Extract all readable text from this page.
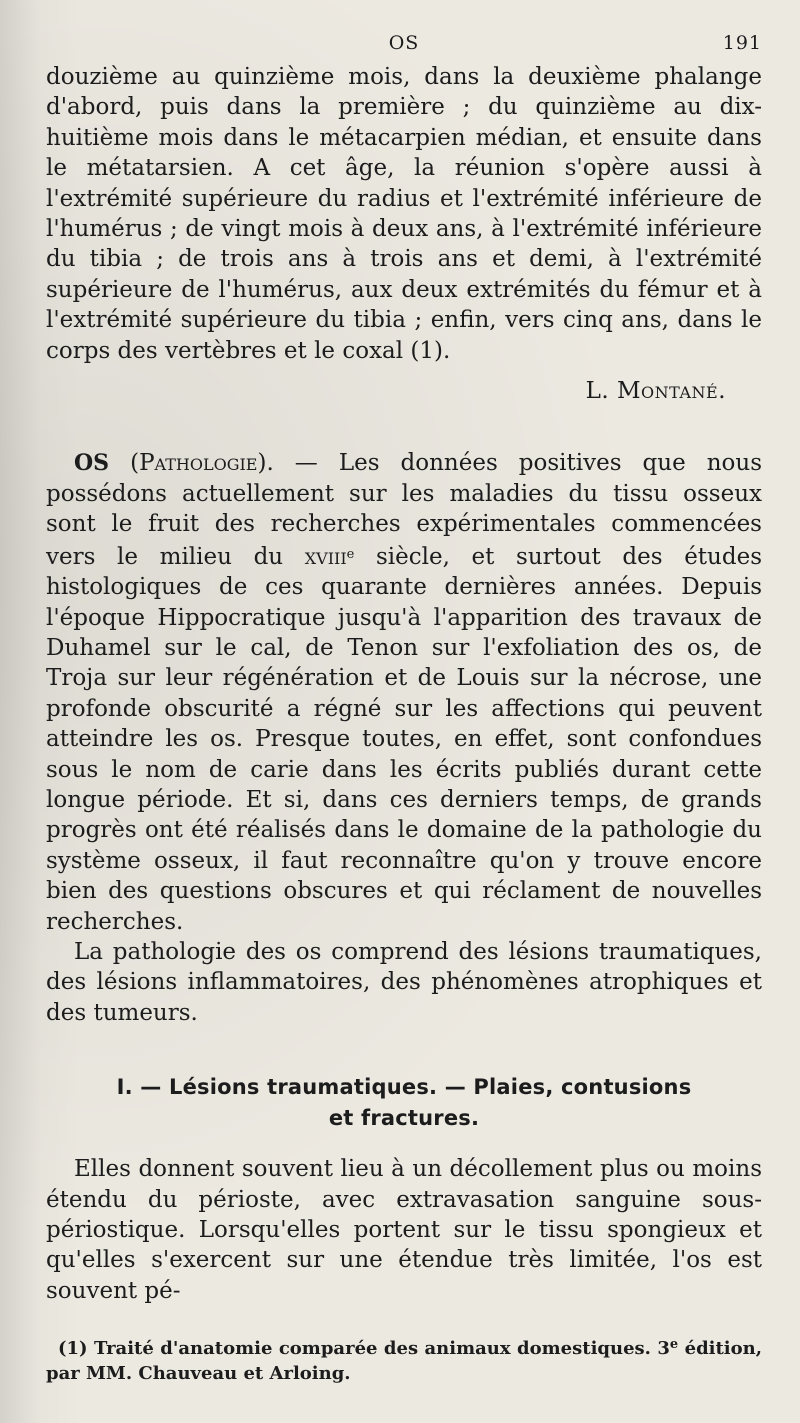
OS	191

douzième au quinzième mois, dans la deuxième phalange d'abord, puis dans la première ; du quinzième au dix-huitième mois dans le métacarpien médian, et ensuite dans le métatarsien. A cet âge, la réunion s'opère aussi à l'extrémité supérieure du radius et l'extrémité inférieure de l'humérus ; de vingt mois à deux ans, à l'extrémité inférieure du tibia ; de trois ans à trois ans et demi, à l'extrémité supérieure de l'humérus, aux deux extrémités du fémur et à l'extrémité supérieure du tibia ; enfin, vers cinq ans, dans le corps des vertèbres et le coxal (1).

L. Montané.

OS (Pathologie). — Les données positives que nous possédons actuellement sur les maladies du tissu osseux sont le fruit des recherches expérimentales commencées vers le milieu du xviii$^e$ siècle, et surtout des études histologiques de ces quarante dernières années. Depuis l'époque Hippocratique jusqu'à l'apparition des travaux de Duhamel sur le cal, de Tenon sur l'exfoliation des os, de Troja sur leur régénération et de Louis sur la nécrose, une profonde obscurité a régné sur les affections qui peuvent atteindre les os. Presque toutes, en effet, sont confondues sous le nom de carie dans les écrits publiés durant cette longue période. Et si, dans ces derniers temps, de grands progrès ont été réalisés dans le domaine de la pathologie du système osseux, il faut reconnaître qu'on y trouve encore bien des questions obscures et qui réclament de nouvelles recherches.

La pathologie des os comprend des lésions traumatiques, des lésions inflammatoires, des phénomènes atrophiques et des tumeurs.

I. — Lésions traumatiques. — Plaies, contusions
et fractures.

Elles donnent souvent lieu à un décollement plus ou moins étendu du périoste, avec extravasation sanguine sous-périostique. Lorsqu'elles portent sur le tissu spongieux et qu'elles s'exercent sur une étendue très limitée, l'os est souvent pé-

(1) Traité d'anatomie comparée des animaux domestiques. 3e édition, par MM. Chauveau et Arloing.
